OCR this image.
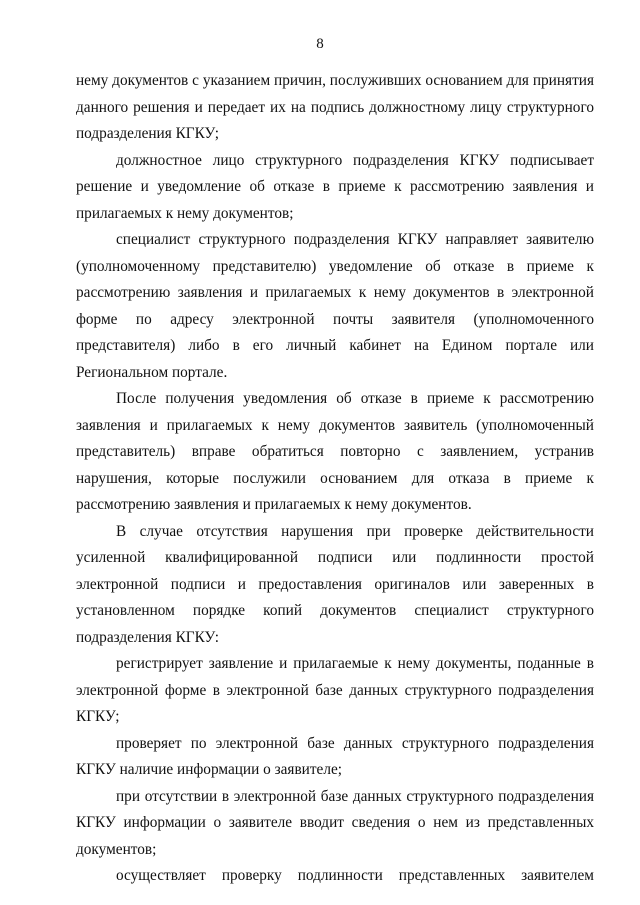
8

нему документов с указанием причин, послуживших основанием для принятия данного решения и передает их на подпись должностному лицу структурного подразделения КГКУ;

должностное лицо структурного подразделения КГКУ подписывает решение и уведомление об отказе в приеме к рассмотрению заявления и прилагаемых к нему документов;

специалист структурного подразделения КГКУ направляет заявителю (уполномоченному представителю) уведомление об отказе в приеме к рассмотрению заявления и прилагаемых к нему документов в электронной форме по адресу электронной почты заявителя (уполномоченного представителя) либо в его личный кабинет на Едином портале или Региональном портале.

После получения уведомления об отказе в приеме к рассмотрению заявления и прилагаемых к нему документов заявитель (уполномоченный представитель) вправе обратиться повторно с заявлением, устранив нарушения, которые послужили основанием для отказа в приеме к рассмотрению заявления и прилагаемых к нему документов.

В случае отсутствия нарушения при проверке действительности усиленной квалифицированной подписи или подлинности простой электронной подписи и предоставления оригиналов или заверенных в установленном порядке копий документов специалист структурного подразделения КГКУ:

регистрирует заявление и прилагаемые к нему документы, поданные в электронной форме в электронной базе данных структурного подразделения КГКУ;

проверяет по электронной базе данных структурного подразделения КГКУ наличие информации о заявителе;

при отсутствии в электронной базе данных структурного подразделения КГКУ информации о заявителе вводит сведения о нем из представленных документов;

осуществляет проверку подлинности представленных заявителем
